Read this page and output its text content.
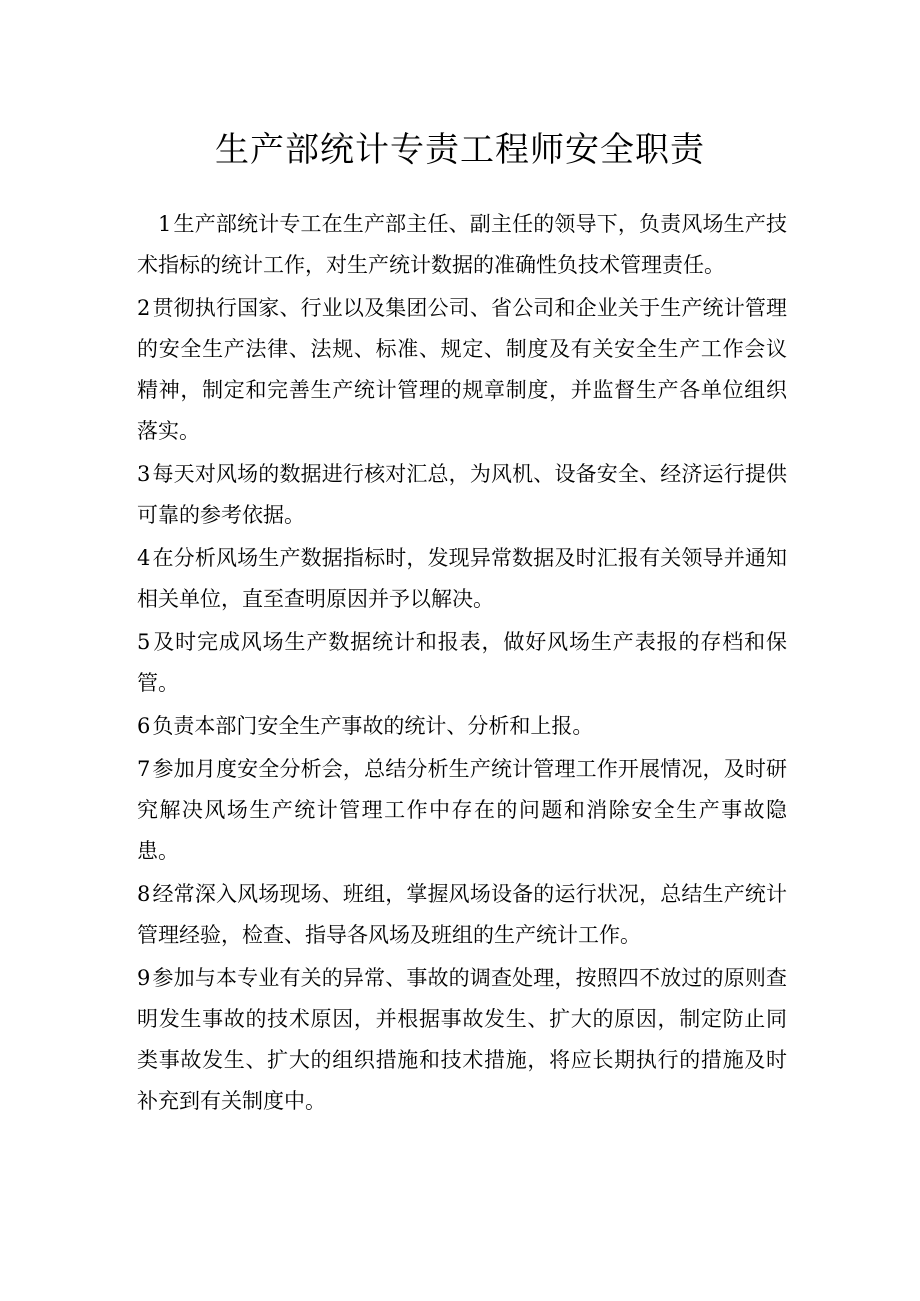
生产部统计专责工程师安全职责

1生产部统计专工在生产部主任、副主任的领导下，负责风场生产技术指标的统计工作，对生产统计数据的准确性负技术管理责任。

2贯彻执行国家、行业以及集团公司、省公司和企业关于生产统计管理的安全生产法律、法规、标准、规定、制度及有关安全生产工作会议精神，制定和完善生产统计管理的规章制度，并监督生产各单位组织落实。

3每天对风场的数据进行核对汇总，为风机、设备安全、经济运行提供可靠的参考依据。

4在分析风场生产数据指标时，发现异常数据及时汇报有关领导并通知相关单位，直至查明原因并予以解决。

5及时完成风场生产数据统计和报表，做好风场生产表报的存档和保管。

6负责本部门安全生产事故的统计、分析和上报。

7参加月度安全分析会，总结分析生产统计管理工作开展情况，及时研究解决风场生产统计管理工作中存在的问题和消除安全生产事故隐患。

8经常深入风场现场、班组，掌握风场设备的运行状况，总结生产统计管理经验，检查、指导各风场及班组的生产统计工作。

9参加与本专业有关的异常、事故的调查处理，按照四不放过的原则查明发生事故的技术原因，并根据事故发生、扩大的原因，制定防止同类事故发生、扩大的组织措施和技术措施，将应长期执行的措施及时补充到有关制度中。
